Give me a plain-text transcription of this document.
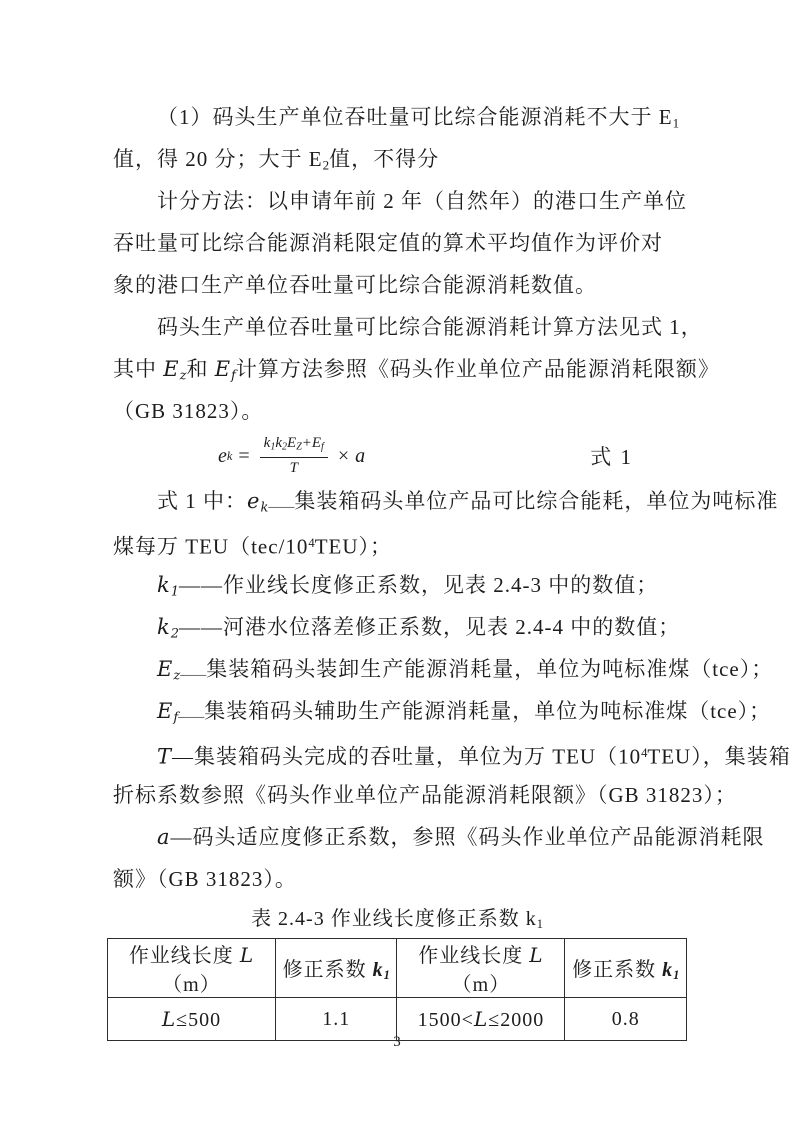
（1）码头生产单位吞吐量可比综合能源消耗不大于 E1
值，得 20 分；大于 E2值，不得分
计分方法：以申请年前 2 年（自然年）的港口生产单位
吞吐量可比综合能源消耗限定值的算术平均值作为评价对
象的港口生产单位吞吐量可比综合能源消耗数值。
码头生产单位吞吐量可比综合能源消耗计算方法见式 1，
其中 Ez和 Ef计算方法参照《码头作业单位产品能源消耗限额》
（GB 31823）。
e $k = \frac{k1k2EZ+Ef}{T} \times a$	式 1
式 1 中：ek——集装箱码头单位产品可比综合能耗，单位为吨标准
煤每万 $TEU(tec/10^4TEU)$；
k1——作业线长度修正系数，见表 2.4-3 中的数值；
k2——河港水位落差修正系数，见表 2.4-4 中的数值；
Ez——集装箱码头装卸生产能源消耗量，单位为吨标准煤（tce）；
Ef——集装箱码头辅助生产能源消耗量，单位为吨标准煤（tce）；
T—集装箱码头完成的吞吐量，单位为万 $TEU(10^4TEU)$，集装箱
折标系数参照《码头作业单位产品能源消耗限额》（GB 31823）；
a—码头适应度修正系数，参照《码头作业单位产品能源消耗限
额》（GB 31823）。
表 2.4-3 作业线长度修正系数 k1
作业线长度 L（m）	修正系数 k1	作业线长度 L（m）	修正系数 k1
L≤500	1.1	1500<L≤2000	0.8
3
